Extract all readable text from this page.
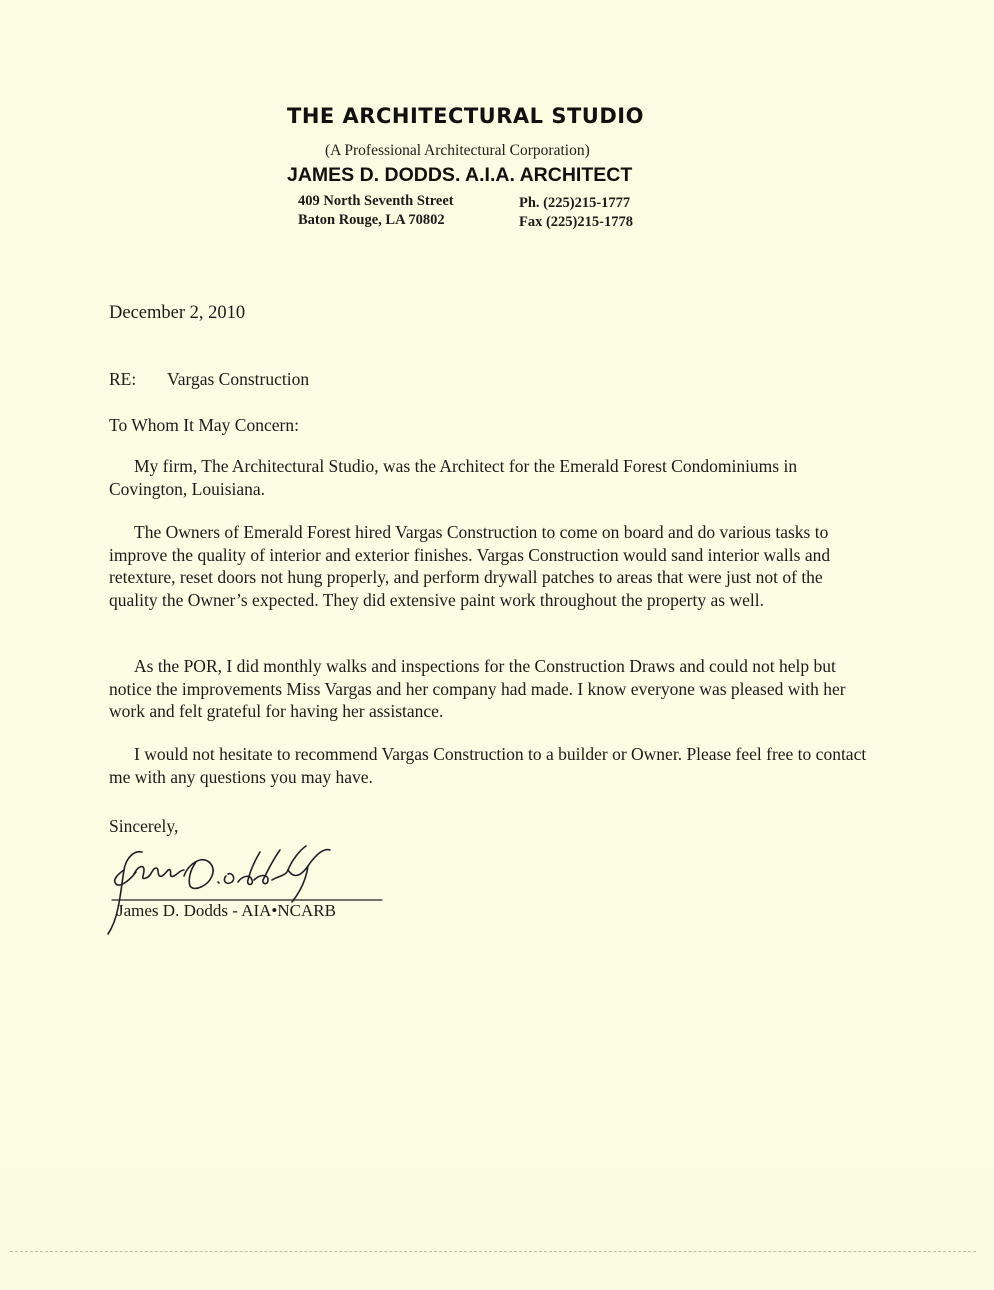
THE ARCHITECTURAL STUDIO
(A Professional Architectural Corporation)
JAMES D. DODDS. A.I.A. ARCHITECT
409 North Seventh Street
Baton Rouge, LA 70802
Ph. (225)215-1777
Fax (225)215-1778
December 2, 2010
RE: Vargas Construction
To Whom It May Concern:
My firm, The Architectural Studio, was the Architect for the Emerald Forest Condominiums in Covington, Louisiana.
The Owners of Emerald Forest hired Vargas Construction to come on board and do various tasks to improve the quality of interior and exterior finishes. Vargas Construction would sand interior walls and retexture, reset doors not hung properly, and perform drywall patches to areas that were just not of the quality the Owner’s expected. They did extensive paint work throughout the property as well.
As the POR, I did monthly walks and inspections for the Construction Draws and could not help but notice the improvements Miss Vargas and her company had made. I know everyone was pleased with her work and felt grateful for having her assistance.
I would not hesitate to recommend Vargas Construction to a builder or Owner. Please feel free to contact me with any questions you may have.
Sincerely,
James D. Dodds - AIA•NCARB
